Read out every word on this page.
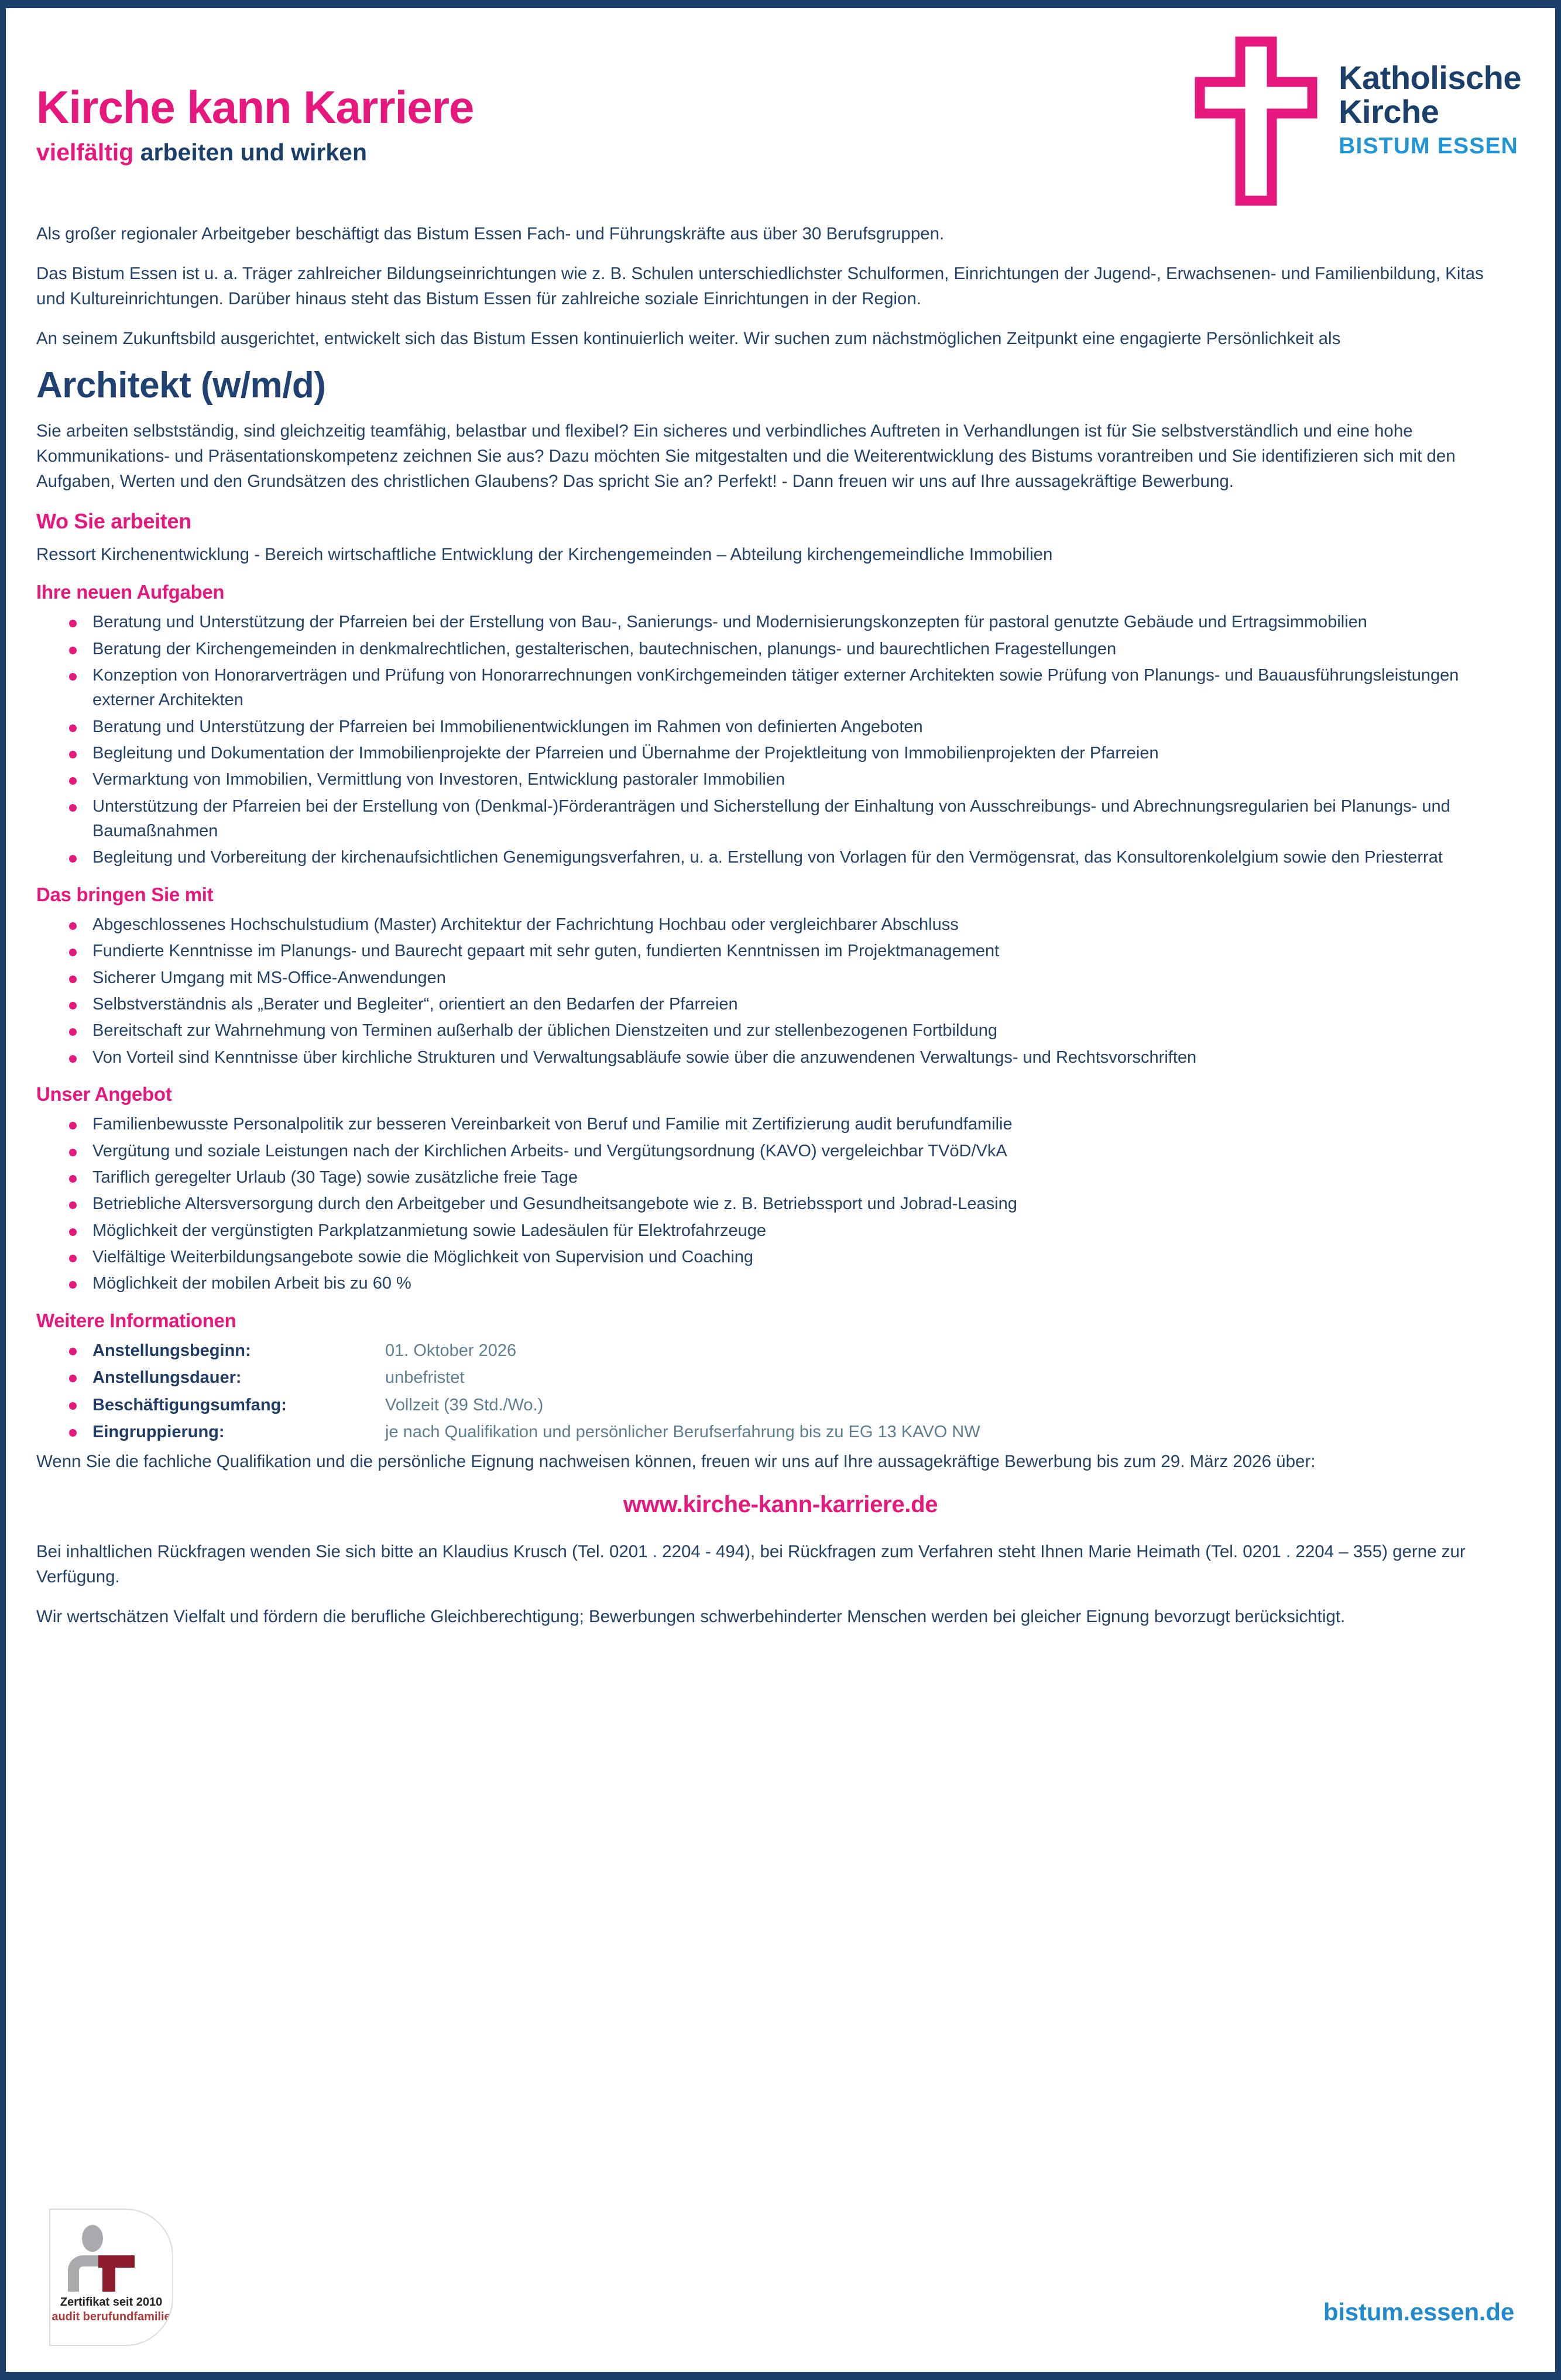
Kirche kann Karriere
vielfältig arbeiten und wirken
Katholische
Kirche
BISTUM ESSEN

Als großer regionaler Arbeitgeber beschäftigt das Bistum Essen Fach- und Führungskräfte aus über 30 Berufsgruppen.

Das Bistum Essen ist u. a. Träger zahlreicher Bildungseinrichtungen wie z. B. Schulen unterschiedlichster Schulformen, Einrichtungen der Jugend-, Erwachsenen- und Familienbildung, Kitas und Kultureinrichtungen. Darüber hinaus steht das Bistum Essen für zahlreiche soziale Einrichtungen in der Region.

An seinem Zukunftsbild ausgerichtet, entwickelt sich das Bistum Essen kontinuierlich weiter. Wir suchen zum nächstmöglichen Zeitpunkt eine engagierte Persönlichkeit als

Architekt (w/m/d)

Sie arbeiten selbstständig, sind gleichzeitig teamfähig, belastbar und flexibel? Ein sicheres und verbindliches Auftreten in Verhandlungen ist für Sie selbstverständlich und eine hohe Kommunikations- und Präsentationskompetenz zeichnen Sie aus? Dazu möchten Sie mitgestalten und die Weiterentwicklung des Bistums vorantreiben und Sie identifizieren sich mit den Aufgaben, Werten und den Grundsätzen des christlichen Glaubens? Das spricht Sie an? Perfekt! - Dann freuen wir uns auf Ihre aussagekräftige Bewerbung.

Wo Sie arbeiten

Ressort Kirchenentwicklung - Bereich wirtschaftliche Entwicklung der Kirchengemeinden – Abteilung kirchengemeindliche Immobilien

Ihre neuen Aufgaben
Beratung und Unterstützung der Pfarreien bei der Erstellung von Bau-, Sanierungs- und Modernisierungskonzepten für pastoral genutzte Gebäude und Ertragsimmobilien
Beratung der Kirchengemeinden in denkmalrechtlichen, gestalterischen, bautechnischen, planungs- und baurechtlichen Fragestellungen
Konzeption von Honorarverträgen und Prüfung von Honorarrechnungen vonKirchgemeinden tätiger externer Architekten sowie Prüfung von Planungs- und Bauausführungsleistungen externer Architekten
Beratung und Unterstützung der Pfarreien bei Immobilienentwicklungen im Rahmen von definierten Angeboten
Begleitung und Dokumentation der Immobilienprojekte der Pfarreien und Übernahme der Projektleitung von Immobilienprojekten der Pfarreien
Vermarktung von Immobilien, Vermittlung von Investoren, Entwicklung pastoraler Immobilien
Unterstützung der Pfarreien bei der Erstellung von (Denkmal-)Förderanträgen und Sicherstellung der Einhaltung von Ausschreibungs- und Abrechnungsregularien bei Planungs- und Baumaßnahmen
Begleitung und Vorbereitung der kirchenaufsichtlichen Genemigungsverfahren, u. a. Erstellung von Vorlagen für den Vermögensrat, das Konsultorenkolelgium sowie den Priesterrat
Das bringen Sie mit
Abgeschlossenes Hochschulstudium (Master) Architektur der Fachrichtung Hochbau oder vergleichbarer Abschluss
Fundierte Kenntnisse im Planungs- und Baurecht gepaart mit sehr guten, fundierten Kenntnissen im Projektmanagement
Sicherer Umgang mit MS-Office-Anwendungen
Selbstverständnis als „Berater und Begleiter“, orientiert an den Bedarfen der Pfarreien
Bereitschaft zur Wahrnehmung von Terminen außerhalb der üblichen Dienstzeiten und zur stellenbezogenen Fortbildung
Von Vorteil sind Kenntnisse über kirchliche Strukturen und Verwaltungsabläufe sowie über die anzuwendenen Verwaltungs- und Rechtsvorschriften
Unser Angebot
Familienbewusste Personalpolitik zur besseren Vereinbarkeit von Beruf und Familie mit Zertifizierung audit berufundfamilie
Vergütung und soziale Leistungen nach der Kirchlichen Arbeits- und Vergütungsordnung (KAVO) vergeleichbar TVöD/VkA
Tariflich geregelter Urlaub (30 Tage) sowie zusätzliche freie Tage
Betriebliche Altersversorgung durch den Arbeitgeber und Gesundheitsangebote wie z. B. Betriebssport und Jobrad-Leasing
Möglichkeit der vergünstigten Parkplatzanmietung sowie Ladesäulen für Elektrofahrzeuge
Vielfältige Weiterbildungsangebote sowie die Möglichkeit von Supervision und Coaching
Möglichkeit der mobilen Arbeit bis zu 60 %
Weitere Informationen
Anstellungsbeginn:	01. Oktober 2026
Anstellungsdauer:	unbefristet
Beschäftigungsumfang:	Vollzeit (39 Std./Wo.)
Eingruppierung:	je nach Qualifikation und persönlicher Berufserfahrung bis zu EG 13 KAVO NW

Wenn Sie die fachliche Qualifikation und die persönliche Eignung nachweisen können, freuen wir uns auf Ihre aussagekräftige Bewerbung bis zum 29. März 2026 über:

www.kirche-kann-karriere.de

Bei inhaltlichen Rückfragen wenden Sie sich bitte an Klaudius Krusch (Tel. 0201 . 2204 - 494), bei Rückfragen zum Verfahren steht Ihnen Marie Heimath (Tel. 0201 . 2204 – 355) gerne zur Verfügung.

Wir wertschätzen Vielfalt und fördern die berufliche Gleichberechtigung; Bewerbungen schwerbehinderter Menschen werden bei gleicher Eignung bevorzugt berücksichtigt.

Zertifikat seit 2010
audit berufundfamilie	bistum.essen.de
